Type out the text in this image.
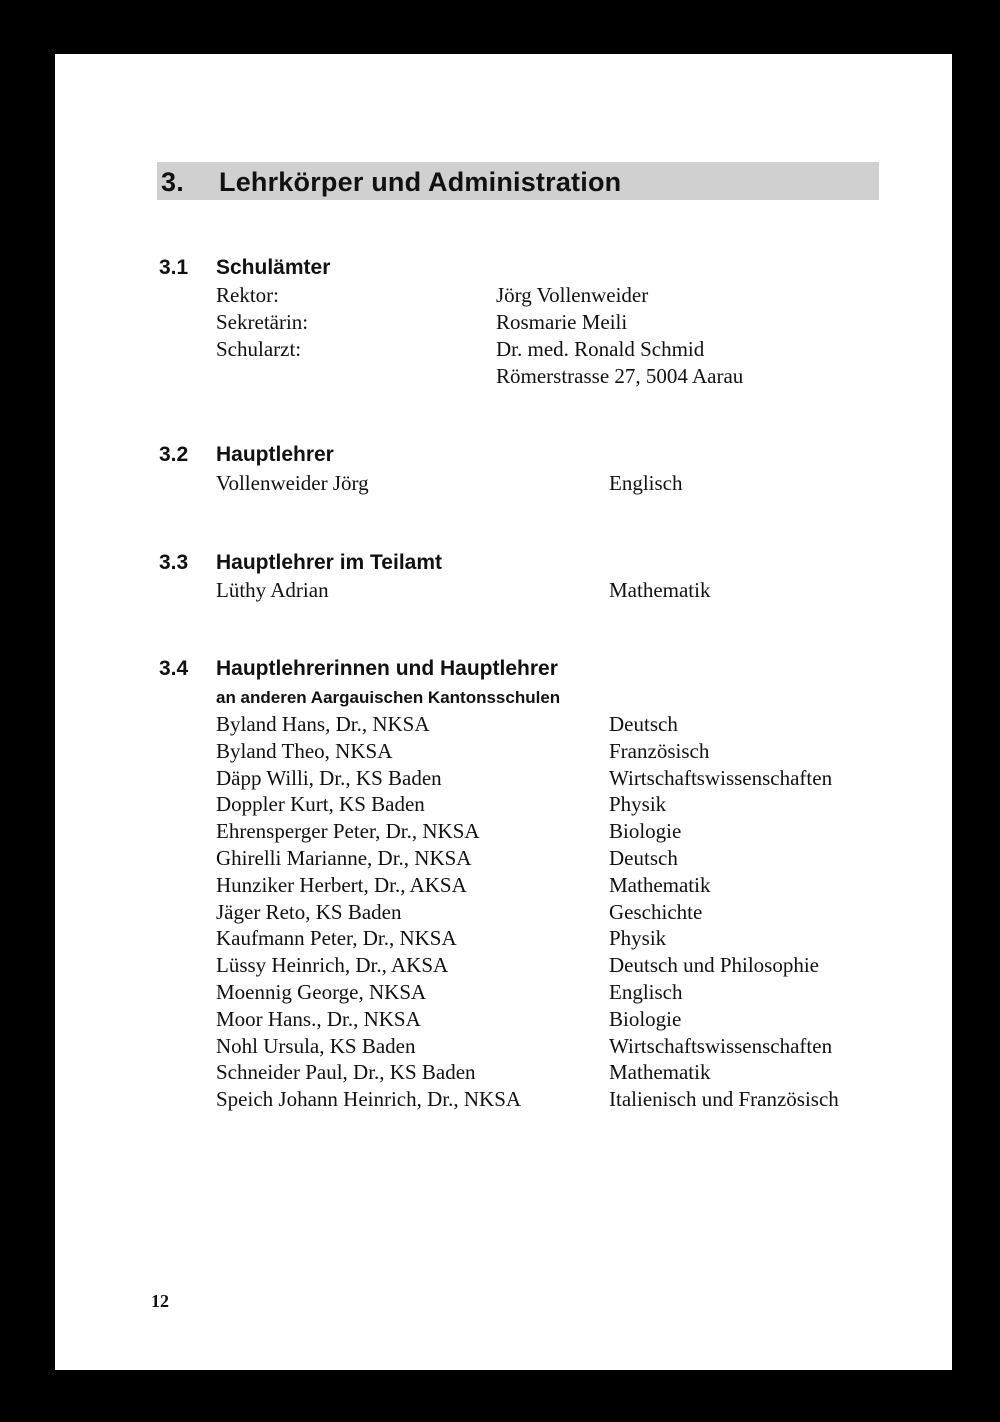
3. Lehrkörper und Administration
3.1 Schulämter
Rektor:	Jörg Vollenweider
Sekretärin:	Rosmarie Meili
Schularzt:	Dr. med. Ronald Schmid
Römerstrasse 27, 5004 Aarau
3.2 Hauptlehrer
Vollenweider Jörg	Englisch
3.3 Hauptlehrer im Teilamt
Lüthy Adrian	Mathematik
3.4 Hauptlehrerinnen und Hauptlehrer
an anderen Aargauischen Kantonsschulen
Byland Hans, Dr., NKSA	Deutsch
Byland Theo, NKSA	Französisch
Däpp Willi, Dr., KS Baden	Wirtschaftswissenschaften
Doppler Kurt, KS Baden	Physik
Ehrensperger Peter, Dr., NKSA	Biologie
Ghirelli Marianne, Dr., NKSA	Deutsch
Hunziker Herbert, Dr., AKSA	Mathematik
Jäger Reto, KS Baden	Geschichte
Kaufmann Peter, Dr., NKSA	Physik
Lüssy Heinrich, Dr., AKSA	Deutsch und Philosophie
Moennig George, NKSA	Englisch
Moor Hans., Dr., NKSA	Biologie
Nohl Ursula, KS Baden	Wirtschaftswissenschaften
Schneider Paul, Dr., KS Baden	Mathematik
Speich Johann Heinrich, Dr., NKSA	Italienisch und Französisch
12
